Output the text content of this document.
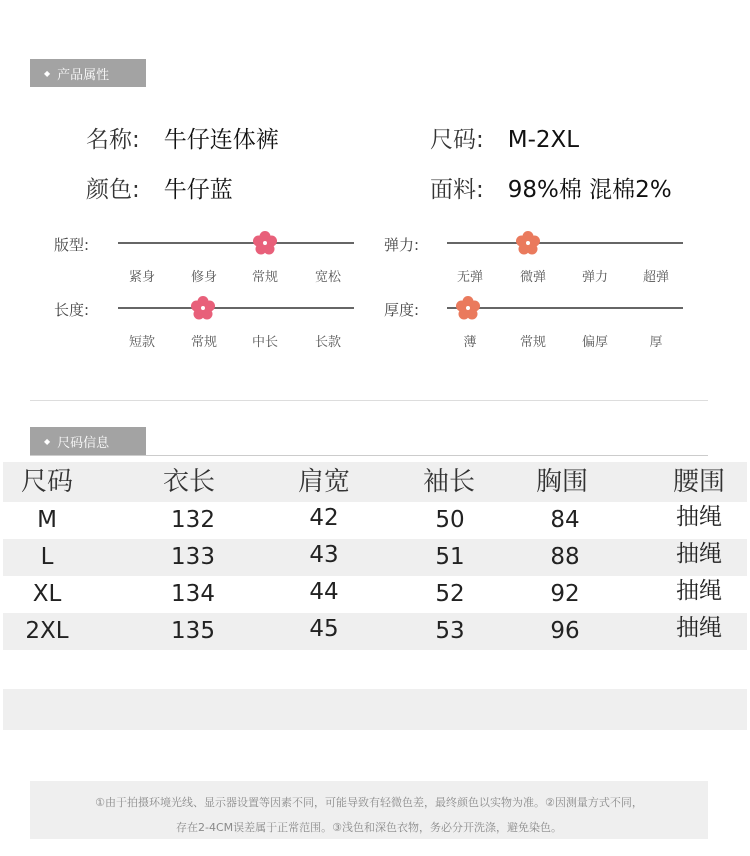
◆ 产品属性
名称: 牛仔连体裤	尺码: M-2XL
颜色: 牛仔蓝	面料: 98%棉 混棉2%
版型:
紧身	修身	常规	宽松
弹力:
无弹	微弹	弹力	超弹
长度:
短款	常规	中长	长款
厚度:
薄	常规	偏厚	厚
◆ 尺码信息
尺码	衣长	肩宽	袖长	胸围	腰围
M	132	42	50	84	抽绳
L	133	43	51	88	抽绳
XL	134	44	52	92	抽绳
2XL	135	45	53	96	抽绳
①由于拍摄环境光线、显示器设置等因素不同，可能导致有轻微色差，最终颜色以实物为准。②因测量方式不同，
存在2-4CM误差属于正常范围。③浅色和深色衣物，务必分开洗涤，避免染色。
